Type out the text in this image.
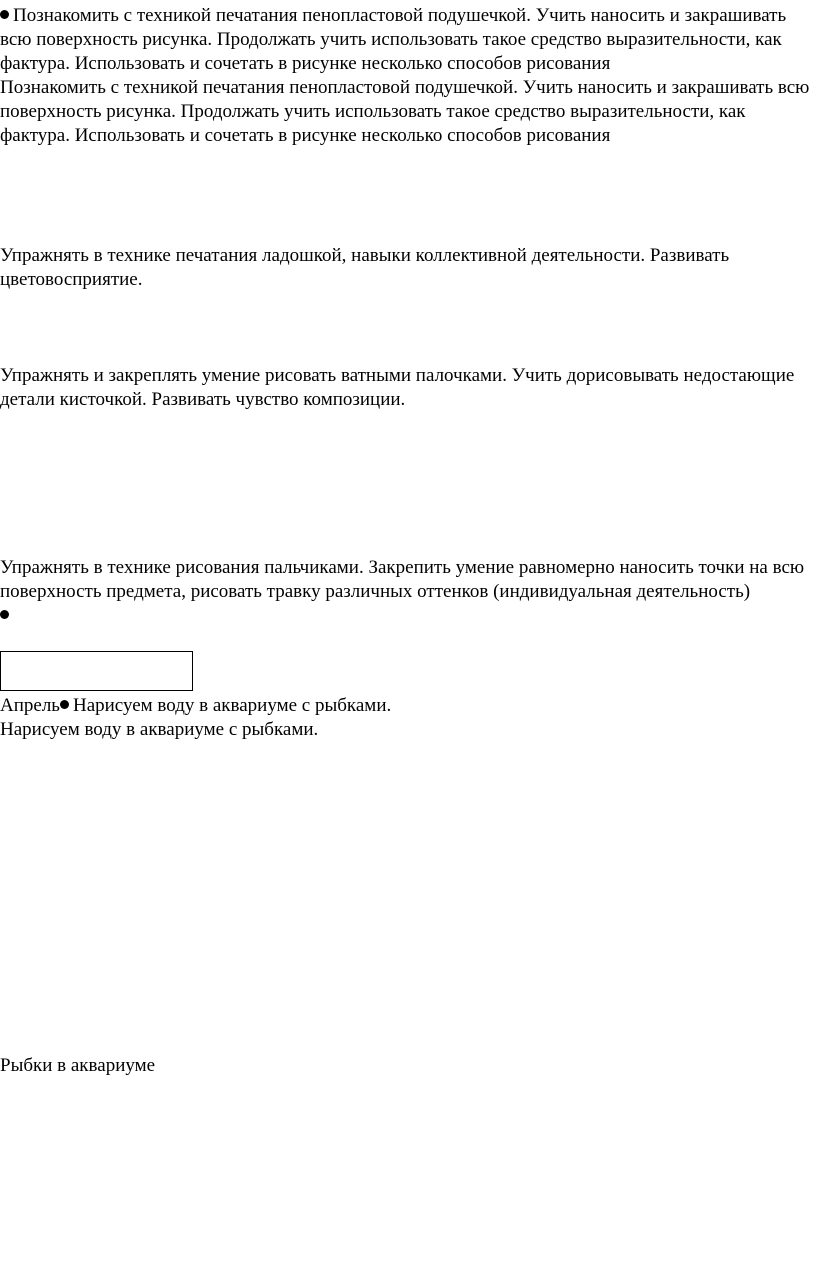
Познакомить с техникой печатания пенопластовой подушечкой. Учить наносить и закрашивать всю поверхность рисунка. Продолжать учить использовать такое средство выразительности, как фактура. Использовать и сочетать в рисунке несколько способов рисования
Познакомить с техникой печатания пенопластовой подушечкой. Учить наносить и закрашивать всю поверхность рисунка. Продолжать учить использовать такое средство выразительности, как фактура. Использовать и сочетать в рисунке несколько способов рисования
Упражнять в технике печатания ладошкой, навыки коллективной деятельности. Развивать цветовосприятие.
Упражнять и закреплять умение рисовать ватными палочками. Учить дорисовывать недостающие детали кисточкой. Развивать чувство композиции.
Упражнять в технике рисования пальчиками. Закрепить умение равномерно наносить точки на всю поверхность предмета, рисовать травку различных оттенков (индивидуальная деятельность)
Апрель Нарисуем воду в аквариуме с рыбками.
Нарисуем воду в аквариуме с рыбками.
Рыбки в аквариуме
